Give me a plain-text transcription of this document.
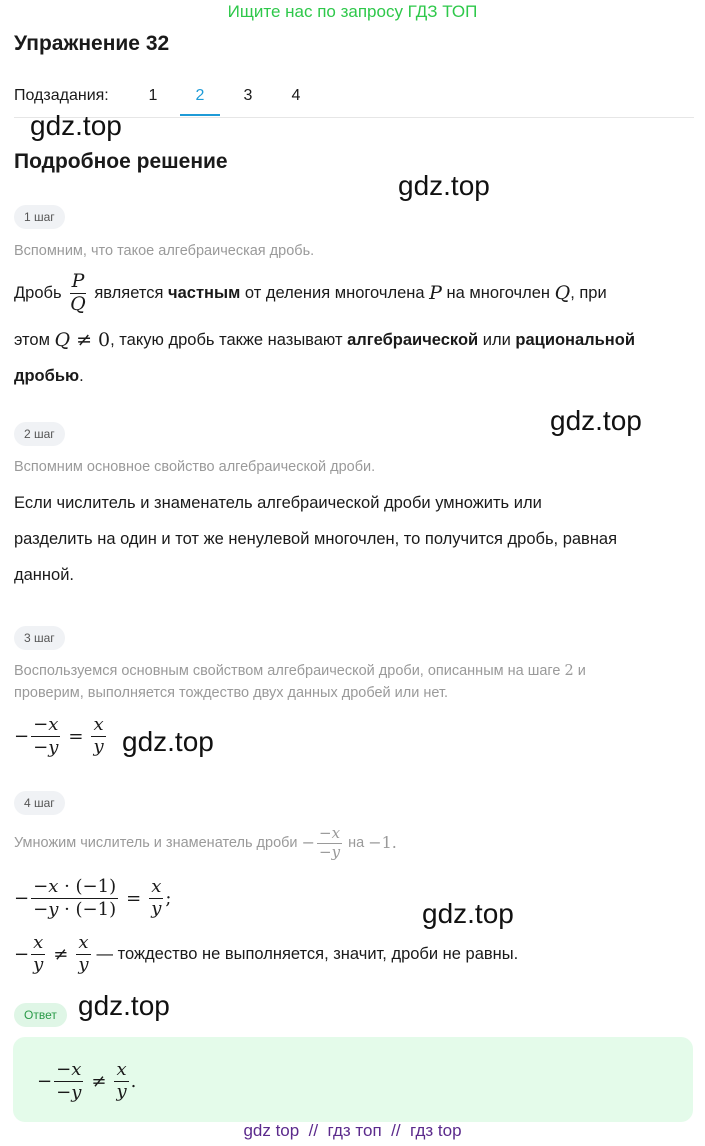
Ищите нас по запросу ГДЗ ТОП
Упражнение 32
Подзадания:	1	2	3	4
gdz.top
gdz.top
gdz.top
gdz.top
gdz.top
gdz.top
Подробное решение
1 шаг
Вспомним, что такое алгебраическая дробь.
Дробь
$\frac{P}{Q}$
является
частным
от деления многочлена
P
на многочлен
Q , при
этом
Q ≠ 0 , такую дробь также называют
алгебраической
или
рациональной
дробью .
2 шаг
Вспомним основное свойство алгебраической дроби.
Если числитель и знаменатель алгебраической дроби умножить или
разделить на один и тот же ненулевой многочлен, то получится дробь, равная
данной.
3 шаг
Воспользуемся основным свойством алгебраической дроби, описанным на шаге 2 и
проверим, выполняется тождество двух данных дробей или нет.
− $\frac{-x}{-y} = \frac{x}{y}$
4 шаг
Умножим числитель и знаменатель дроби
− $\frac{-x}{-y}$
на
−1.
− $\frac{-x \cdot (-1)}{-y \cdot (-1)} = \frac{x}{y}$ ;
− $\frac{x}{y} \ne \frac{x}{y}$ — тождество не выполняется, значит, дроби не равны.
Ответ
− $\frac{-x}{-y} \ne \frac{x}{y}$ .
gdz top  //  гдз топ  //  гдз top
